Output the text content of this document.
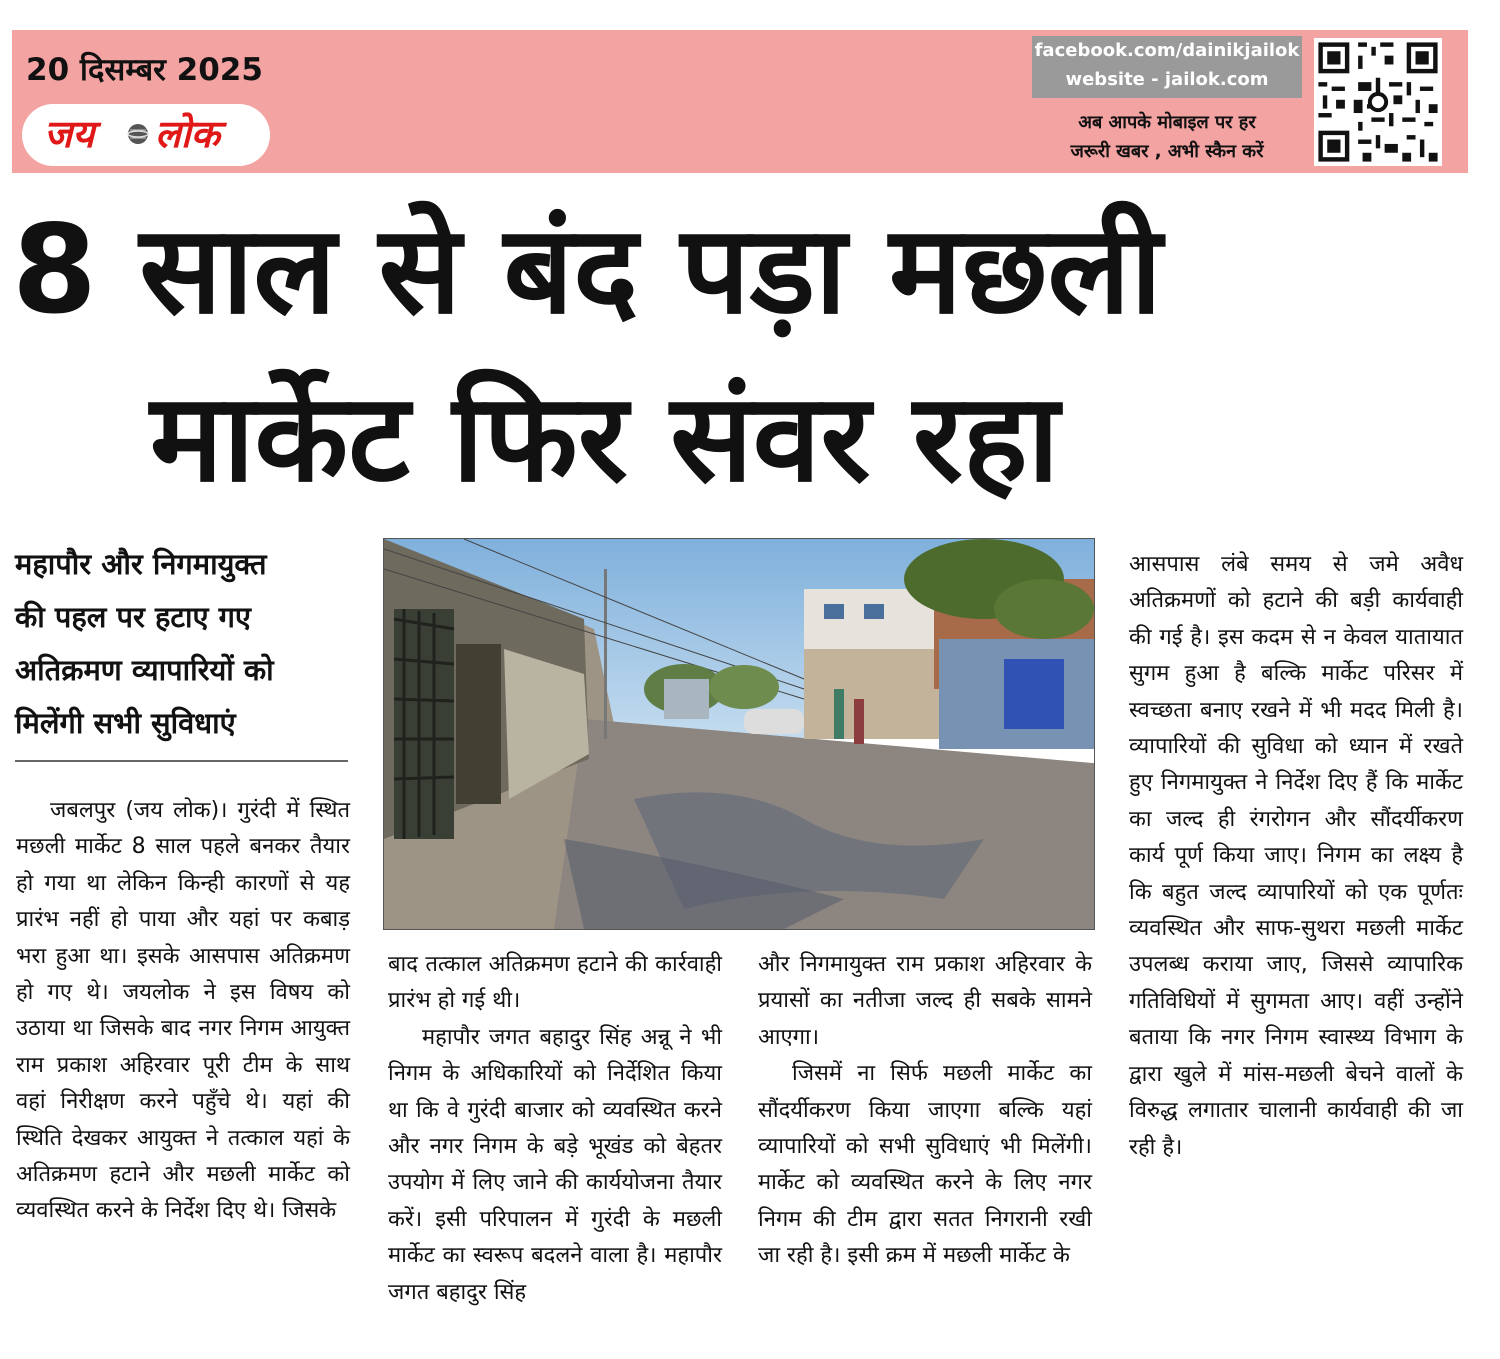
20 दिसम्बर 2025
जय लोक
facebook.com/dainikjailok
website - jailok.com
अब आपके मोबाइल पर हर
जरूरी खबर , अभी स्कैन करें
8 साल से बंद पड़ा मछली
मार्केट फिर संवर रहा
महापौर और निगमायुक्त
की पहल पर हटाए गए
अतिक्रमण व्यापारियों को
मिलेंगी सभी सुविधाएं

जबलपुर (जय लोक)। गुरंदी में स्थित मछली मार्केट 8 साल पहले बनकर तैयार हो गया था लेकिन किन्ही कारणों से यह प्रारंभ नहीं हो पाया और यहां पर कबाड़ भरा हुआ था। इसके आसपास अतिक्रमण हो गए थे। जयलोक ने इस विषय को उठाया था जिसके बाद नगर निगम आयुक्त राम प्रकाश अहिरवार पूरी टीम के साथ वहां निरीक्षण करने पहुँचे थे। यहां की स्थिति देखकर आयुक्त ने तत्काल यहां के अतिक्रमण हटाने और मछली मार्केट को व्यवस्थित करने के निर्देश दिए थे। जिसके

बाद तत्काल अतिक्रमण हटाने की कार्रवाही प्रारंभ हो गई थी।

महापौर जगत बहादुर सिंह अन्नू ने भी निगम के अधिकारियों को निर्देशित किया था कि वे गुरंदी बाजार को व्यवस्थित करने और नगर निगम के बड़े भूखंड को बेहतर उपयोग में लिए जाने की कार्ययोजना तैयार करें। इसी परिपालन में गुरंदी के मछली मार्केट का स्वरूप बदलने वाला है। महापौर जगत बहादुर सिंह

और निगमायुक्त राम प्रकाश अहिरवार के प्रयासों का नतीजा जल्द ही सबके सामने आएगा।

जिसमें ना सिर्फ मछली मार्केट का सौंदर्यीकरण किया जाएगा बल्कि यहां व्यापारियों को सभी सुविधाएं भी मिलेंगी। मार्केट को व्यवस्थित करने के लिए नगर निगम की टीम द्वारा सतत निगरानी रखी जा रही है। इसी क्रम में मछली मार्केट के

आसपास लंबे समय से जमे अवैध अतिक्रमणों को हटाने की बड़ी कार्यवाही की गई है। इस कदम से न केवल यातायात सुगम हुआ है बल्कि मार्केट परिसर में स्वच्छता बनाए रखने में भी मदद मिली है। व्यापारियों की सुविधा को ध्यान में रखते हुए निगमायुक्त ने निर्देश दिए हैं कि मार्केट का जल्द ही रंगरोगन और सौंदर्यीकरण कार्य पूर्ण किया जाए। निगम का लक्ष्य है कि बहुत जल्द व्यापारियों को एक पूर्णतः व्यवस्थित और साफ-सुथरा मछली मार्केट उपलब्ध कराया जाए, जिससे व्यापारिक गतिविधियों में सुगमता आए। वहीं उन्होंने बताया कि नगर निगम स्वास्थ्य विभाग के द्वारा खुले में मांस-मछली बेचने वालों के विरुद्ध लगातार चालानी कार्यवाही की जा रही है।
